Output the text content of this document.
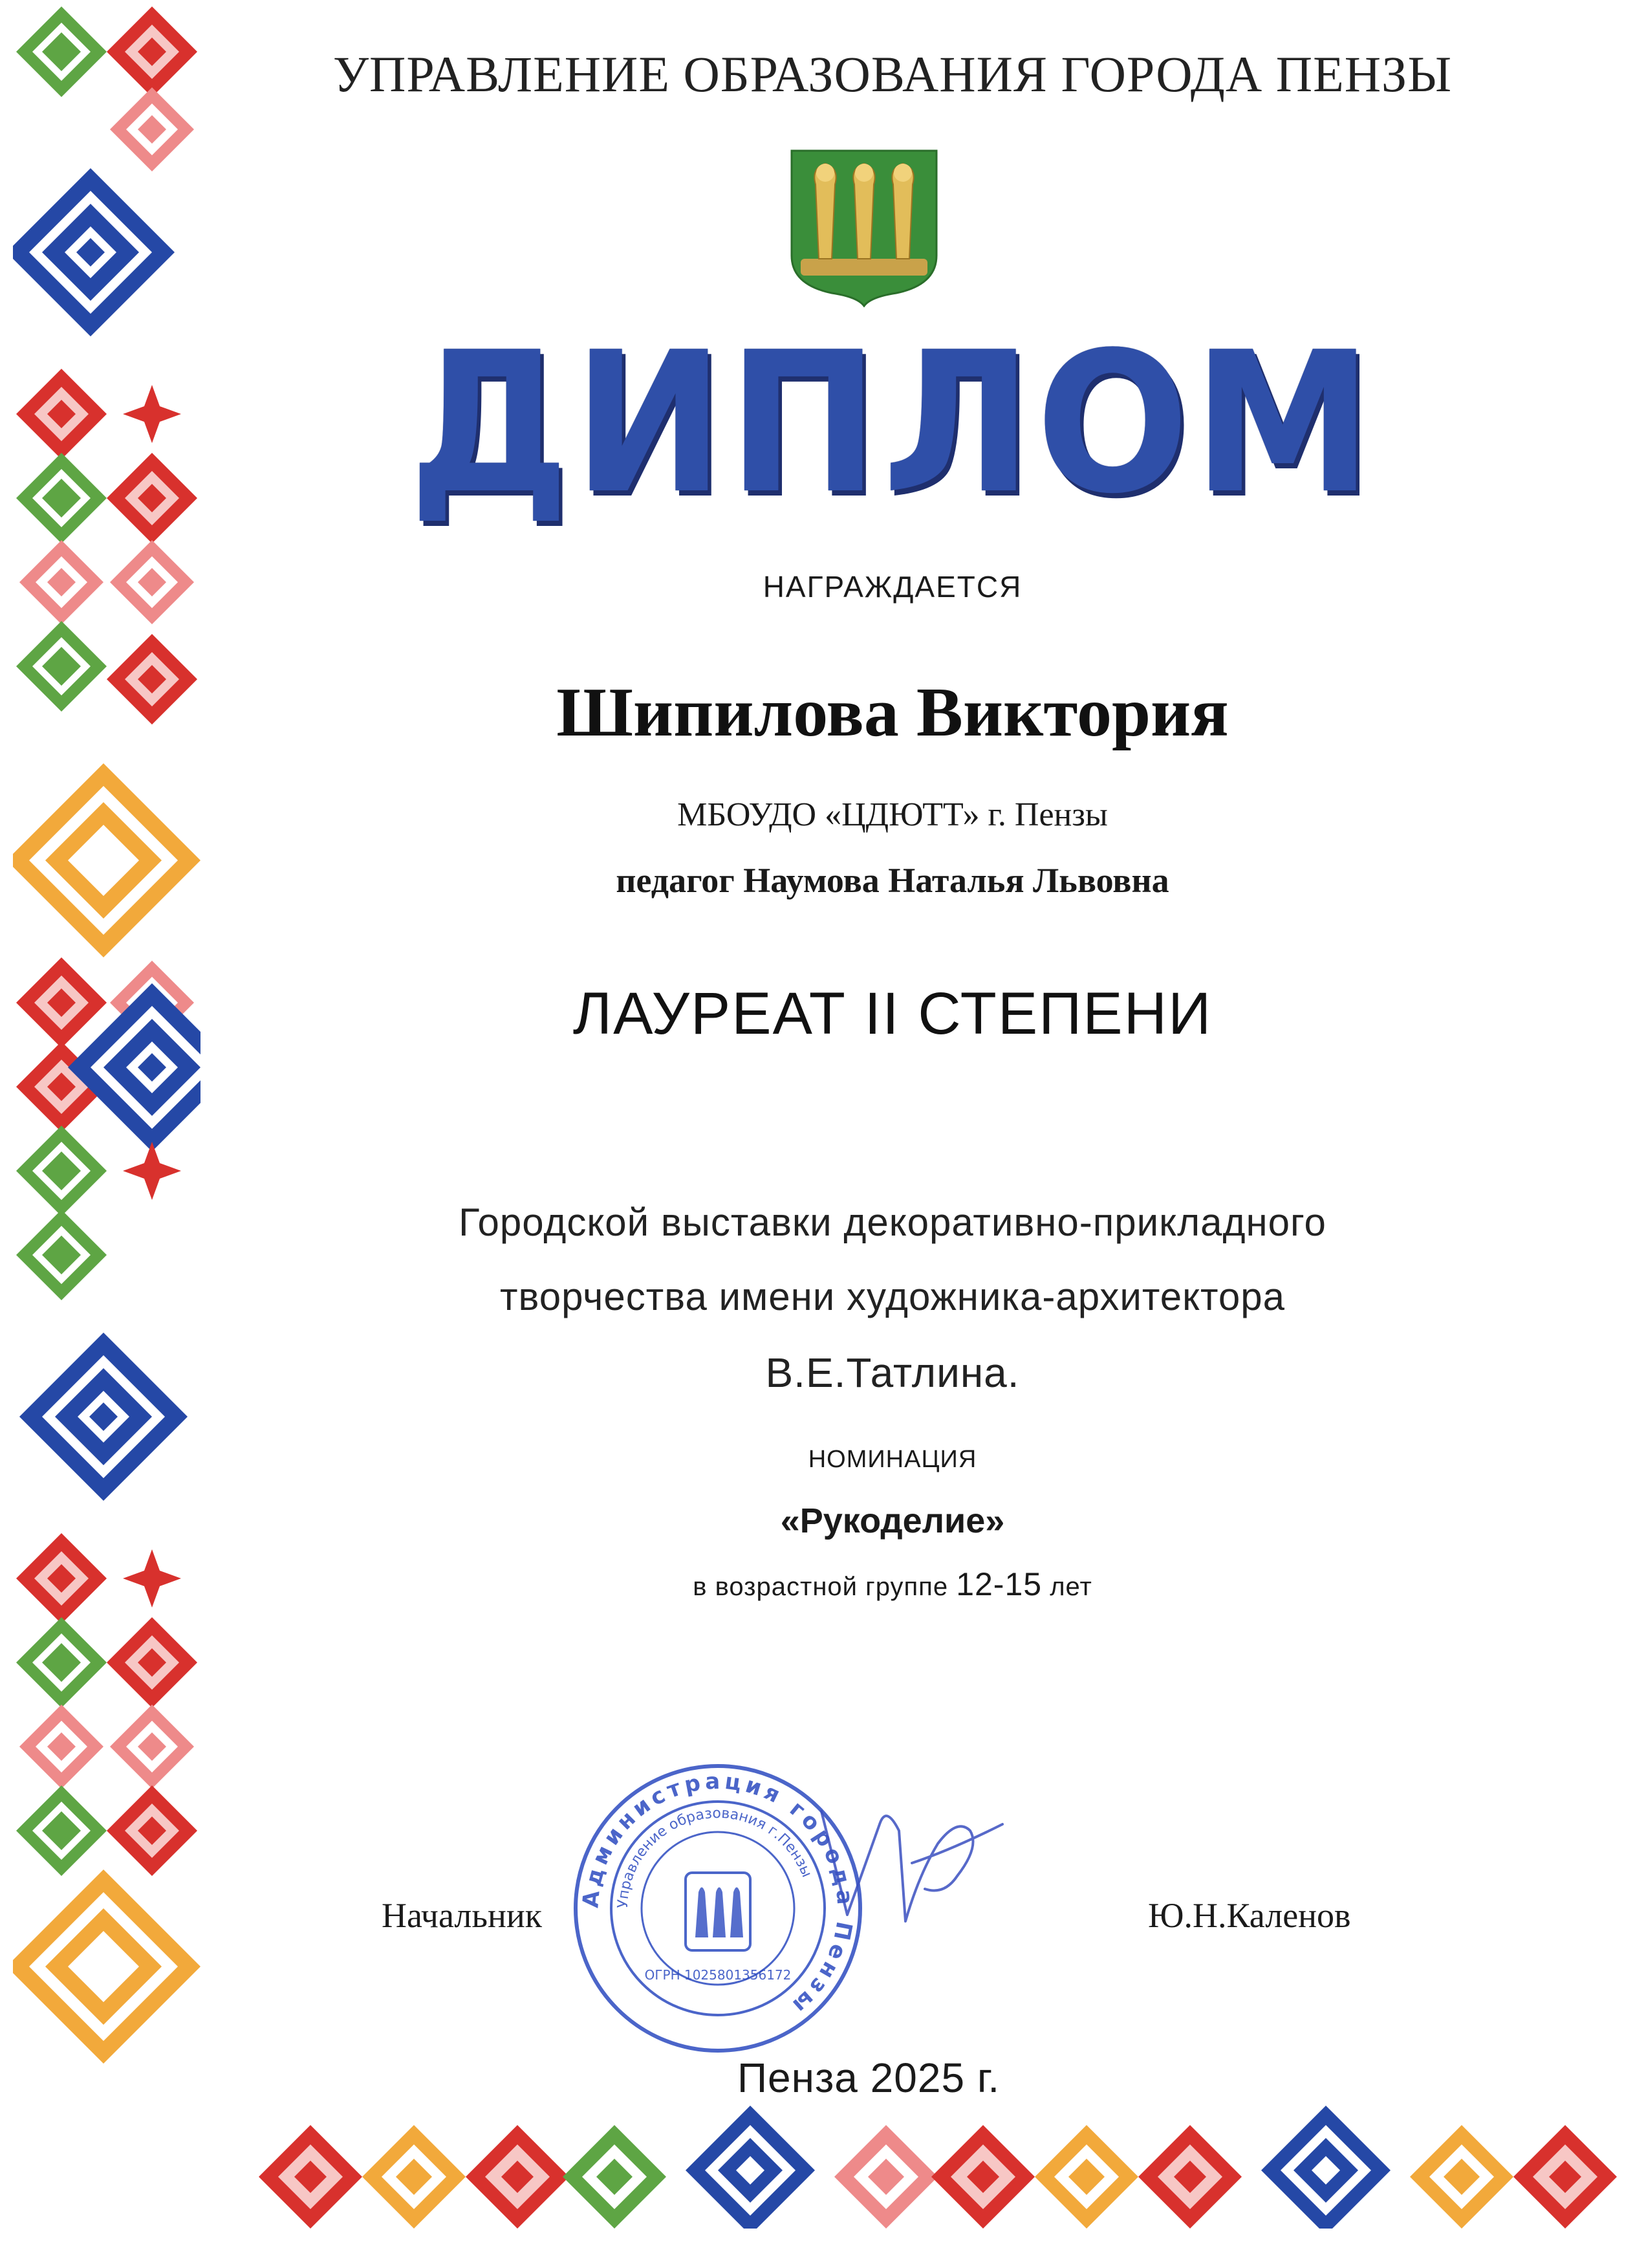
УПРАВЛЕНИЕ ОБРАЗОВАНИЯ ГОРОДА ПЕНЗЫ
ДИПЛОМ
НАГРАЖДАЕТСЯ
Шипилова Виктория
МБОУДО «ЦДЮТТ» г. Пензы
педагог Наумова Наталья Львовна
ЛАУРЕАТ II СТЕПЕНИ
Городской выставки декоративно-прикладного
творчества имени художника-архитектора
В.Е.Татлина.
НОМИНАЦИЯ
«Рукоделие»
в возрастной группе 12-15 лет
Начальник	Ю.Н.Каленов
Администрация города Пензы
Управление образования г.Пензы
ОГРН 1025801356172
Пенза 2025 г.
